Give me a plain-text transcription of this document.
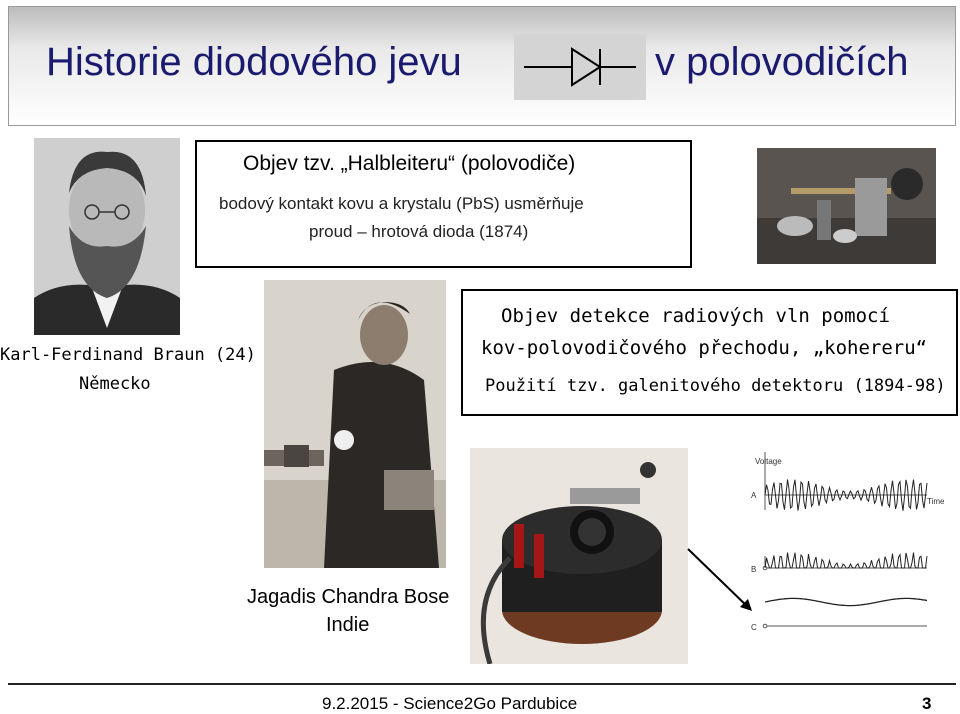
Historie diodového jevu	v polovodičích
Objev tzv. „Halbleiteru“ (polovodiče)
bodový kontakt kovu a krystalu (PbS) usměrňuje
proud – hrotová dioda (1874)
Karl-Ferdinand Braun (24)
Německo
Objev detekce radiových vln pomocí
kov-polovodičového přechodu, „kohereru“
Použití tzv. galenitového detektoru (1894-98)
Voltage
Time
A
B
C
Jagadis Chandra Bose
Indie
9.2.2015 - Science2Go Pardubice	3
